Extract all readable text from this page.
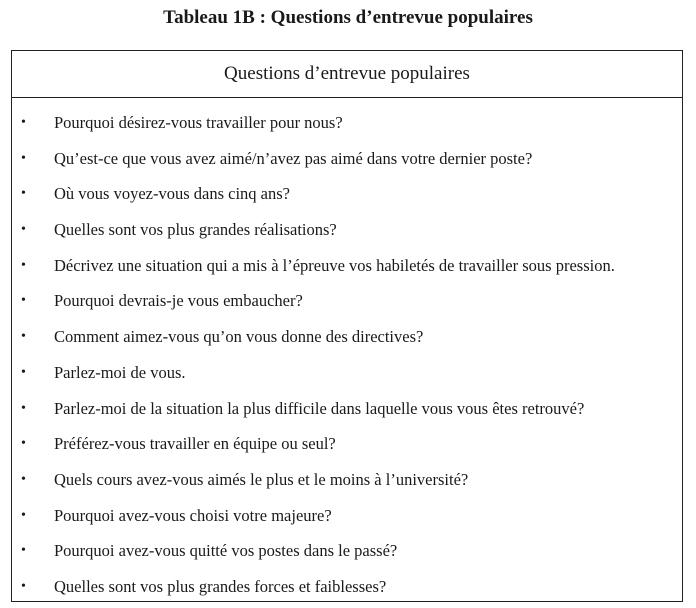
Tableau 1B : Questions d’entrevue populaires
Questions d’entrevue populaires
• Pourquoi désirez-vous travailler pour nous?
• Qu’est-ce que vous avez aimé/n’avez pas aimé dans votre dernier poste?
• Où vous voyez-vous dans cinq ans?
• Quelles sont vos plus grandes réalisations?
• Décrivez une situation qui a mis à l’épreuve vos habiletés de travailler sous pression.
• Pourquoi devrais-je vous embaucher?
• Comment aimez-vous qu’on vous donne des directives?
• Parlez-moi de vous.
• Parlez-moi de la situation la plus difficile dans laquelle vous vous êtes retrouvé?
• Préférez-vous travailler en équipe ou seul?
• Quels cours avez-vous aimés le plus et le moins à l’université?
• Pourquoi avez-vous choisi votre majeure?
• Pourquoi avez-vous quitté vos postes dans le passé?
• Quelles sont vos plus grandes forces et faiblesses?
